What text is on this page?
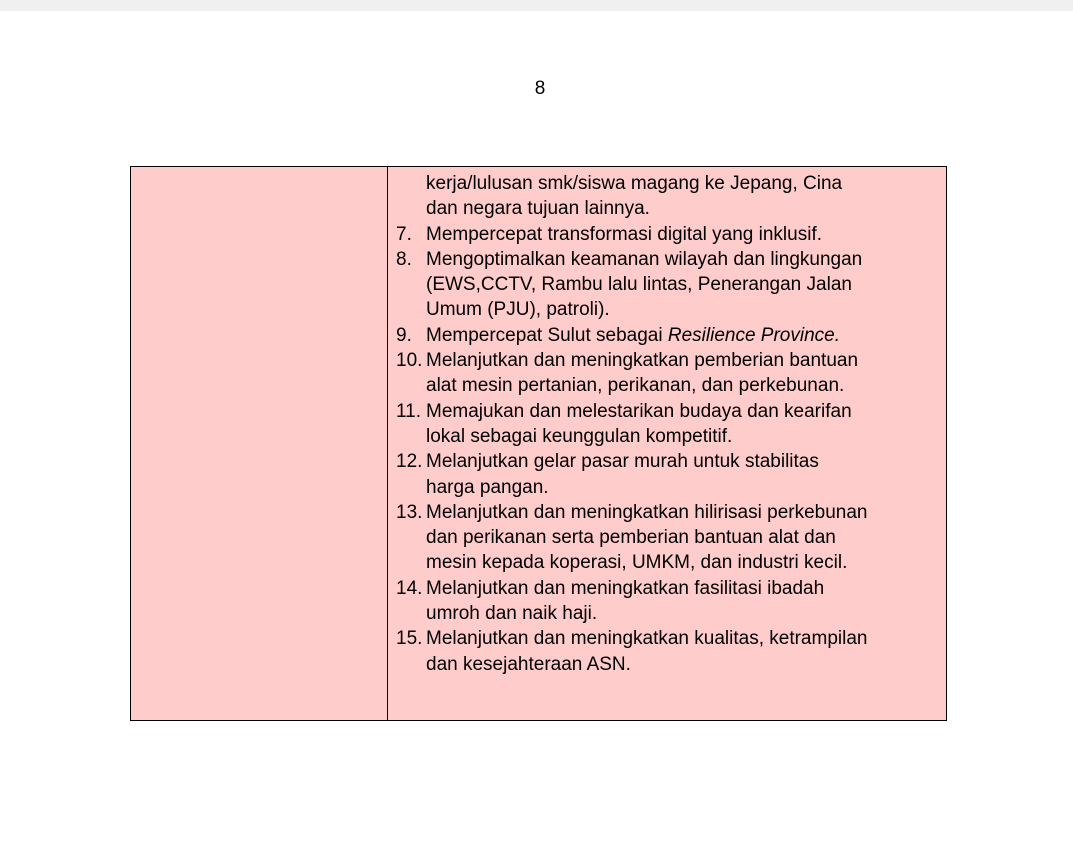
8

kerja/lulusan smk/siswa magang ke Jepang, Cina
dan negara tujuan lainnya.
7. Mempercepat transformasi digital yang inklusif.
8. Mengoptimalkan keamanan wilayah dan lingkungan
(EWS,CCTV, Rambu lalu lintas, Penerangan Jalan
Umum (PJU), patroli).
9. Mempercepat Sulut sebagai Resilience Province.
10. Melanjutkan dan meningkatkan pemberian bantuan
alat mesin pertanian, perikanan, dan perkebunan.
11. Memajukan dan melestarikan budaya dan kearifan
lokal sebagai keunggulan kompetitif.
12. Melanjutkan gelar pasar murah untuk stabilitas
harga pangan.
13. Melanjutkan dan meningkatkan hilirisasi perkebunan
dan perikanan serta pemberian bantuan alat dan
mesin kepada koperasi, UMKM, dan industri kecil.
14. Melanjutkan dan meningkatkan fasilitasi ibadah
umroh dan naik haji.
15. Melanjutkan dan meningkatkan kualitas, ketrampilan
dan kesejahteraan ASN.
